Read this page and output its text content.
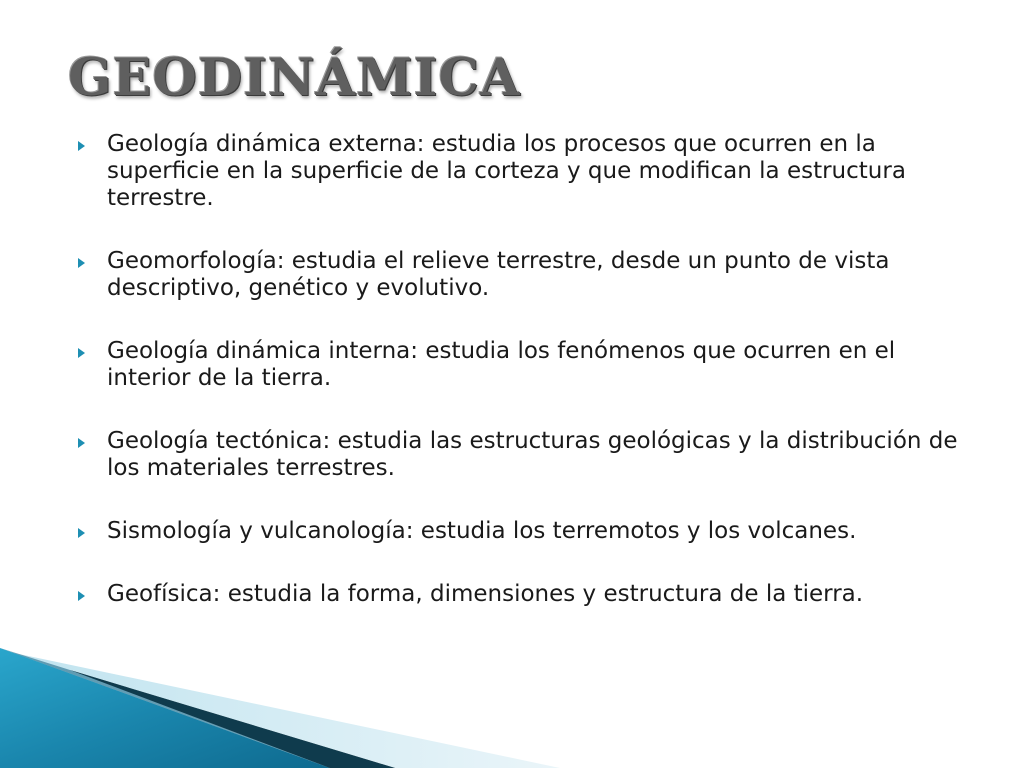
GEODINÁMICA
Geología dinámica externa: estudia los procesos que ocurren en la superficie en la superficie de la corteza y que modifican la estructura terrestre.
Geomorfología: estudia el relieve terrestre, desde un punto de vista descriptivo, genético y evolutivo.
Geología dinámica interna: estudia los fenómenos que ocurren en el interior de la tierra.
Geología tectónica: estudia las estructuras geológicas y la distribución de los materiales terrestres.
Sismología y vulcanología: estudia los terremotos y los volcanes.
Geofísica: estudia la forma, dimensiones y estructura de la tierra.
